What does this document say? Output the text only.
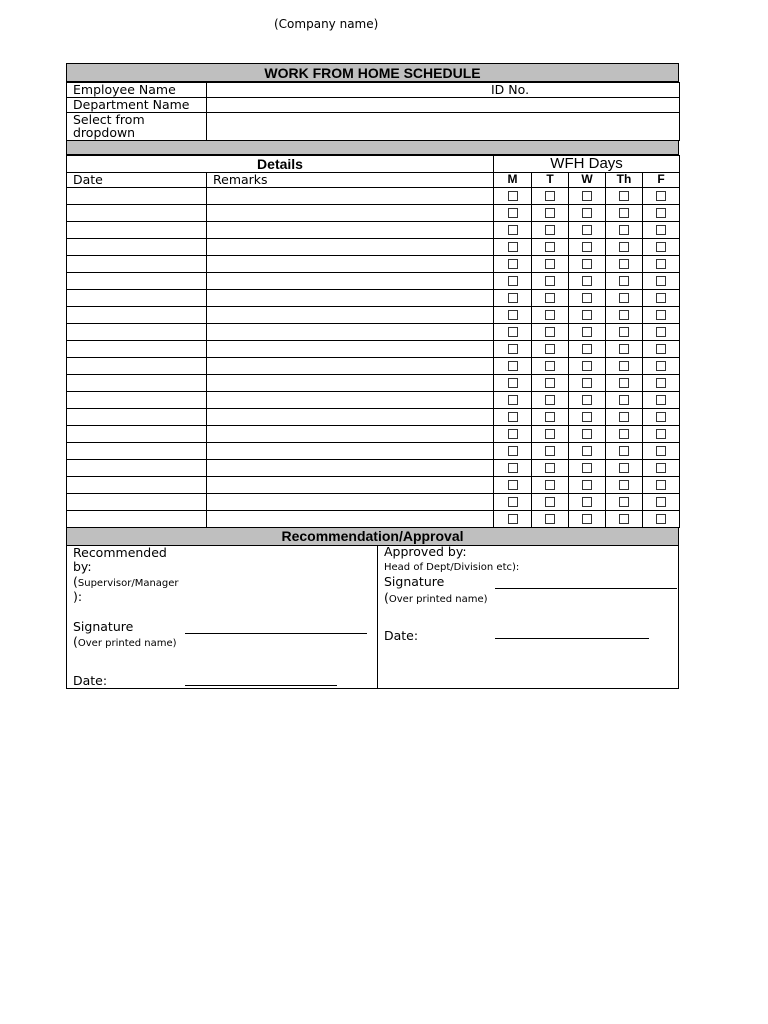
(Company name)
WORK FROM HOME SCHEDULE
Employee Name	ID No.
Department Name	
Select from dropdown	
Details		WFH Days				
Date	Remarks	M	T	W	Th	F

Recommendation/Approval
Recommended by:
(Supervisor/Manager
):
Signature
(Over printed name)
Date:
Approved by:
Head of Dept/Division etc):
Signature
(Over printed name)
Date:
